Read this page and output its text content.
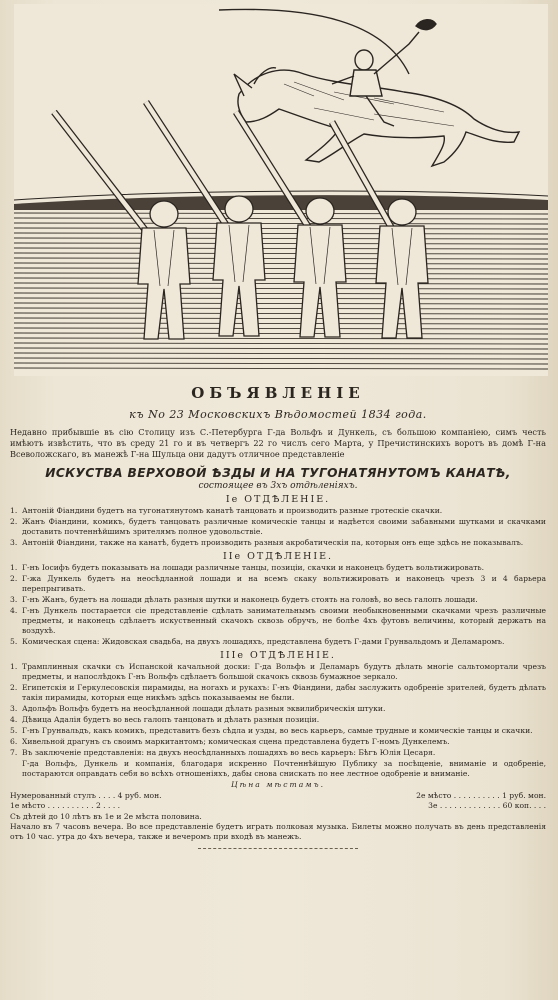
ОБЪЯВЛЕНІЕ
къ No 23 Московскихъ Вѣдомостей 1834 года.
Недавно прибывшіе въ сію Столицу изъ С.-Петербурга Г-да Вольфъ и Дункель, съ большою компаніею, симъ честь имѣютъ извѣстить, что въ среду 21 го и въ четвергъ 22 го числъ сего Марта, у Пречистинскихъ воротъ въ домѣ Г-на Всеволожскаго, въ манежѣ Г-на Шульца они дадутъ отличное представленіе
ИСКУСТВА ВЕРХОВОЙ ѢЗДЫ И НА ТУГОНАТЯНУТОМЪ КАНАТѢ,
состоящее въ 3хъ отдѣленіяхъ.
Iе ОТДѢЛЕНІЕ.
1. Антоній Фіандини будетъ на тугонатянутомъ канатѣ танцовать и производить разные гротескіе скачки.
2. Жанъ Фіандини, комикъ, будетъ танцовать различные комическіе танцы и надѣется своими забавными шутками и скачками доставить почтеннѣйшимъ зрителямъ полное удовольствіе.
3. Антоній Фіандини, также на канатѣ, будетъ производить разныя акробатическія па, которыя онъ еще здѣсь не показывалъ.
IIе ОТДѢЛЕНІЕ.
1. Г-нъ Іосифъ будетъ показывать на лошади различные танцы, позиціи, скачки и наконецъ будетъ вольтижировать.
2. Г-жа Дункель будетъ на неосѣдланной лошади и на всемъ скаку вольтижировать и наконецъ чрезъ 3 и 4 барьера перепрыгивать.
3. Г-нъ Жанъ, будетъ на лошади дѣлать разныя шутки и наконецъ будетъ стоять на головѣ, во весь галопъ лошади.
4. Г-нъ Дункель постарается сіе представленіе сдѣлать занимательнымъ своими необыкновенными скачками чрезъ различные предметы, и наконецъ сдѣлаетъ искуственный скачокъ сквозь обручъ, не болѣе 4хъ футовъ величины, который держатъ на воздухѣ.
5. Комическая сцена: Жидовская свадьба, на двухъ лошадяхъ, представлена будетъ Г-дами Грунвальдомъ и Деламаромъ.
IIIе ОТДѢЛЕНІЕ.
1. Трамплинныя скачки съ Испанской качальной доски: Г-да Вольфъ и Деламаръ будутъ дѣлать многіе сальтомортали чрезъ предметы, и напослѣдокъ Г-нъ Вольфъ сдѣлаетъ большой скачокъ сквозь бумажное зеркало.
2. Египетскія и Геркулесовскія пирамиды, на ногахъ и рукахъ: Г-нъ Фіандини, дабы заслужить одобреніе зрителей, будетъ дѣлать такія пирамиды, которыя еще никѣмъ здѣсь показываемы не были.
3. Адольфъ Вольфъ будетъ на неосѣдланной лошади дѣлать разныя эквилибрическія штуки.
4. Дѣвица Адалія будетъ во весь галопъ танцовать и дѣлать разныя позиціи.
5. Г-нъ Грунвальдъ, какъ комикъ, представитъ безъ сѣдла и узды, во весь карьеръ, самые трудные и комическіе танцы и скачки.
6. Хивельной драгунъ съ своимъ маркитантомъ; комическая сцена представлена будетъ Г-номъ Дункелемъ.
7. Въ заключеніе представленія: на двухъ неосѣдланныхъ лошадяхъ во весь карьеръ: Бѣгъ Юлія Цесаря.
Г-да Вольфъ, Дункель и компанія, благодаря искренно Почтеннѣйшую Публику за посѣщеніе, вниманіе и одобреніе, постараются оправдать себя во всѣхъ отношеніяхъ, дабы снова снискать по нее лестное одобреніе и вниманіе.
Цѣна мѣстамъ.
Нумерованный стулъ . . . . 4 руб. мон.	2е мѣсто . . . . . . . . . . 1 руб. мон.
1е мѣсто . . . . . . . . . . 2 . . . .	3е . . . . . . . . . . . . . 60 коп. . . .
Съ дѣтей до 10 лѣтъ въ 1е и 2е мѣста половина.
Начало въ 7 часовъ вечера. Во все представленіе будетъ играть полковая музыка. Билеты можно получать въ день представленія отъ 10 час. утра до 4хъ вечера, также и вечеромъ при входѣ въ манежъ.
